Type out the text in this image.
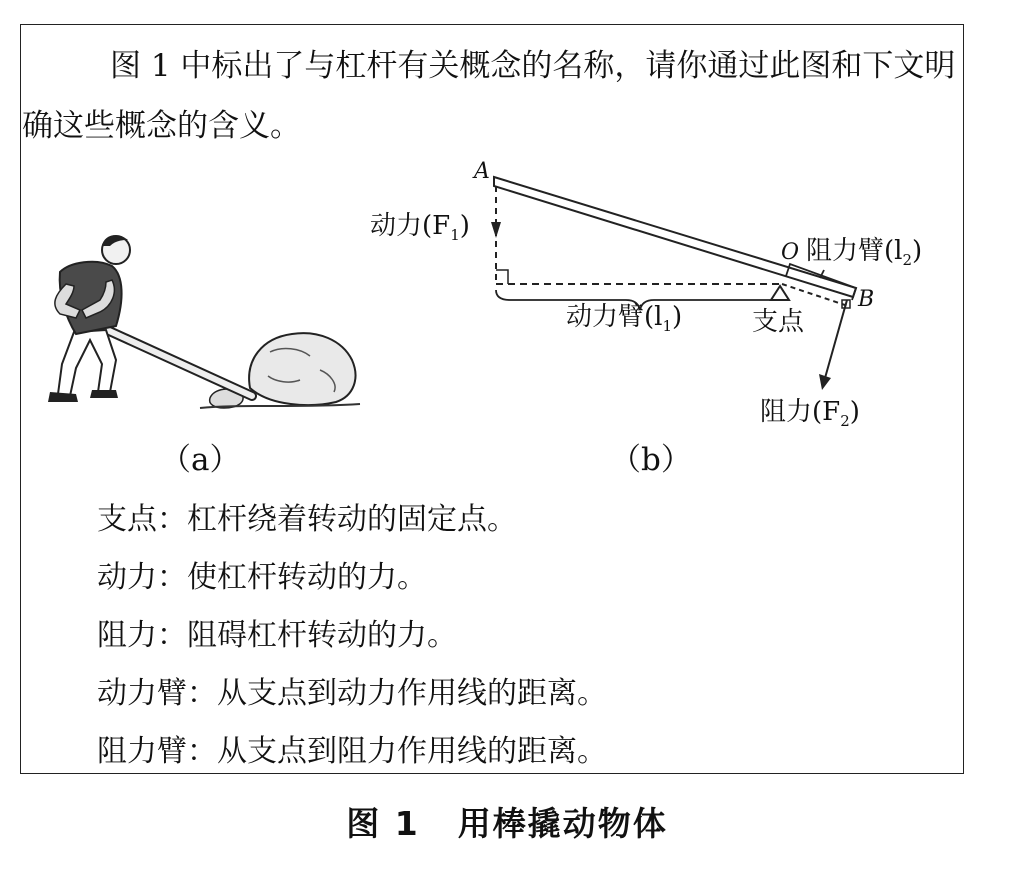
图 1 中标出了与杠杆有关概念的名称，请你通过此图和下文明确这些概念的含义。

A
O
B
动力$(F_1)$
动力臂$(l_1)$
阻力臂$(l_2)$
支点
阻力$(F_2)$
（a）	（b）
支点：杠杆绕着转动的固定点。
动力：使杠杆转动的力。
阻力：阻碍杠杆转动的力。
动力臂：从支点到动力作用线的距离。
阻力臂：从支点到阻力作用线的距离。
图 1 用棒撬动物体
